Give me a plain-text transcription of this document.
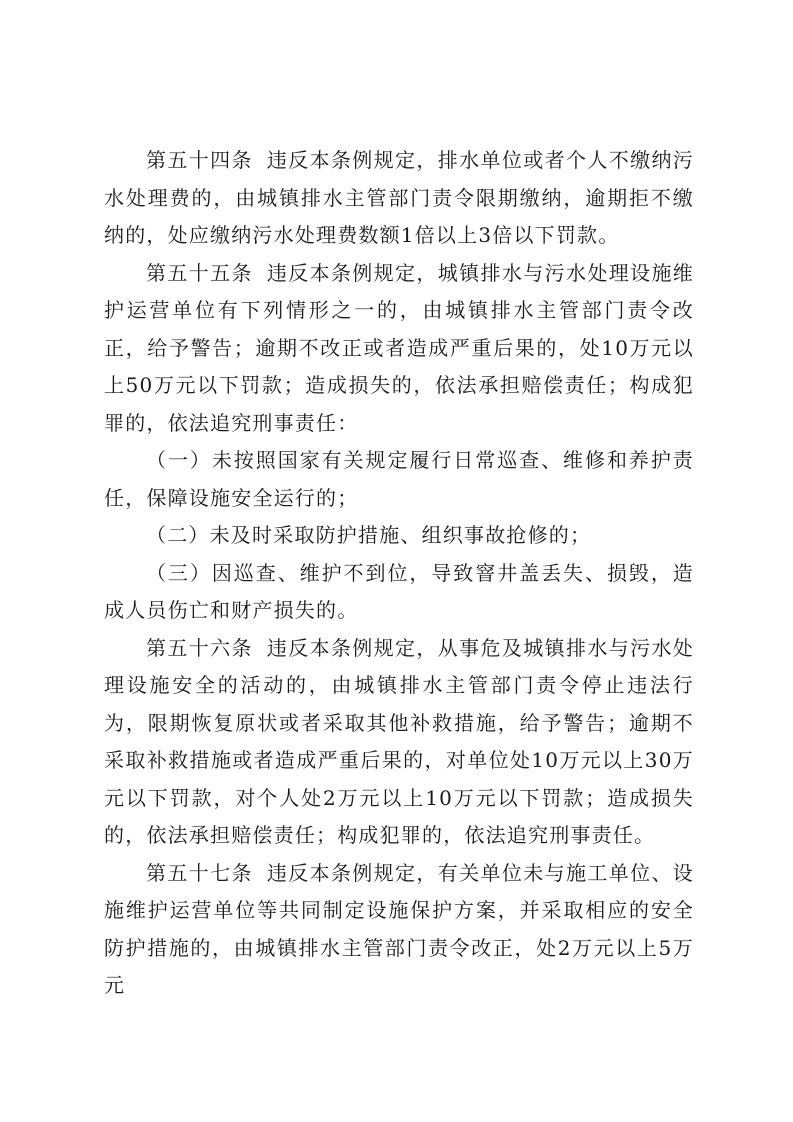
第五十四条 违反本条例规定，排水单位或者个人不缴纳污水处理费的，由城镇排水主管部门责令限期缴纳，逾期拒不缴纳的，处应缴纳污水处理费数额1倍以上3倍以下罚款。

第五十五条 违反本条例规定，城镇排水与污水处理设施维护运营单位有下列情形之一的，由城镇排水主管部门责令改正，给予警告；逾期不改正或者造成严重后果的，处10万元以上50万元以下罚款；造成损失的，依法承担赔偿责任；构成犯罪的，依法追究刑事责任：

（一）未按照国家有关规定履行日常巡查、维修和养护责任，保障设施安全运行的；

（二）未及时采取防护措施、组织事故抢修的；

（三）因巡查、维护不到位，导致窨井盖丢失、损毁，造成人员伤亡和财产损失的。

第五十六条 违反本条例规定，从事危及城镇排水与污水处理设施安全的活动的，由城镇排水主管部门责令停止违法行为，限期恢复原状或者采取其他补救措施，给予警告；逾期不采取补救措施或者造成严重后果的，对单位处10万元以上30万元以下罚款，对个人处2万元以上10万元以下罚款；造成损失的，依法承担赔偿责任；构成犯罪的，依法追究刑事责任。

第五十七条 违反本条例规定，有关单位未与施工单位、设施维护运营单位等共同制定设施保护方案，并采取相应的安全防护措施的，由城镇排水主管部门责令改正，处2万元以上5万元
